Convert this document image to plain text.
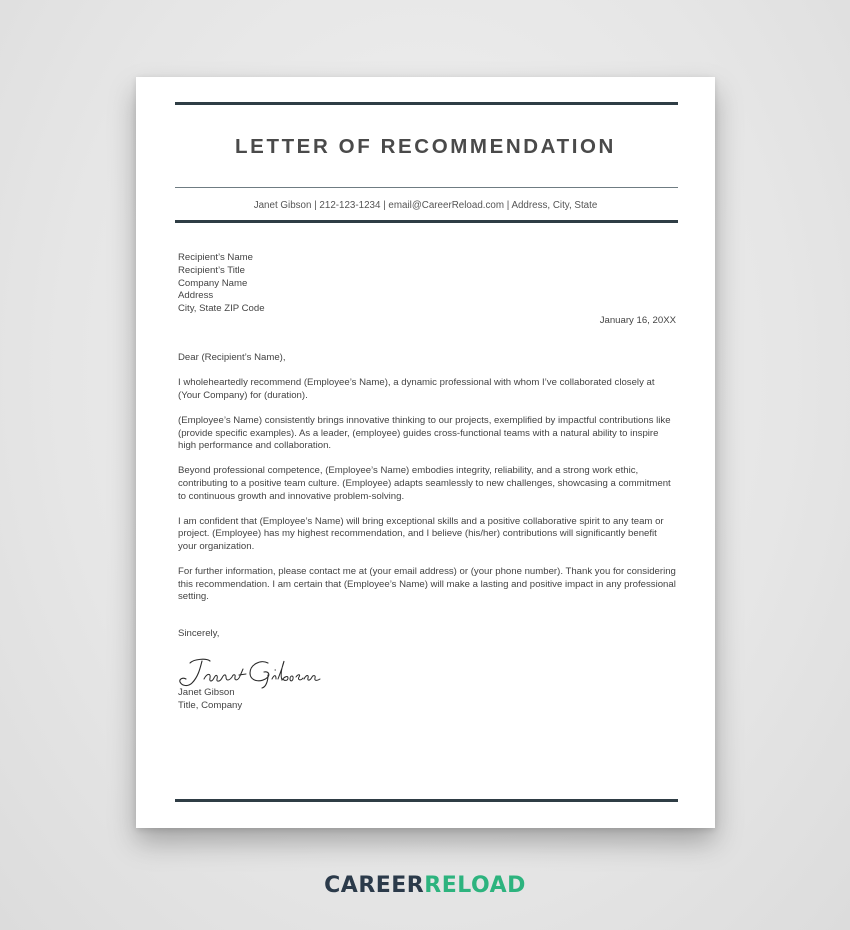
LETTER OF RECOMMENDATION
Janet Gibson | 212-123-1234 | email@CareerReload.com | Address, City, State
Recipient’s Name
Recipient’s Title
Company Name
Address
City, State ZIP Code
January 16, 20XX

Dear (Recipient’s Name),

I wholeheartedly recommend (Employee’s Name), a dynamic professional with whom I’ve collaborated closely at (Your Company) for (duration).

(Employee’s Name) consistently brings innovative thinking to our projects, exemplified by impactful contributions like (provide specific examples). As a leader, (employee) guides cross-functional teams with a natural ability to inspire high performance and collaboration.

Beyond professional competence, (Employee’s Name) embodies integrity, reliability, and a strong work ethic, contributing to a positive team culture. (Employee) adapts seamlessly to new challenges, showcasing a commitment to continuous growth and innovative problem-solving.

I am confident that (Employee’s Name) will bring exceptional skills and a positive collaborative spirit to any team or project. (Employee) has my highest recommendation, and I believe (his/her) contributions will significantly benefit your organization.

For further information, please contact me at (your email address) or (your phone number). Thank you for considering this recommendation. I am certain that (Employee’s Name) will make a lasting and positive impact in any professional setting.

Sincerely,
Janet Gibson
Title, Company
CAREERRELOAD
